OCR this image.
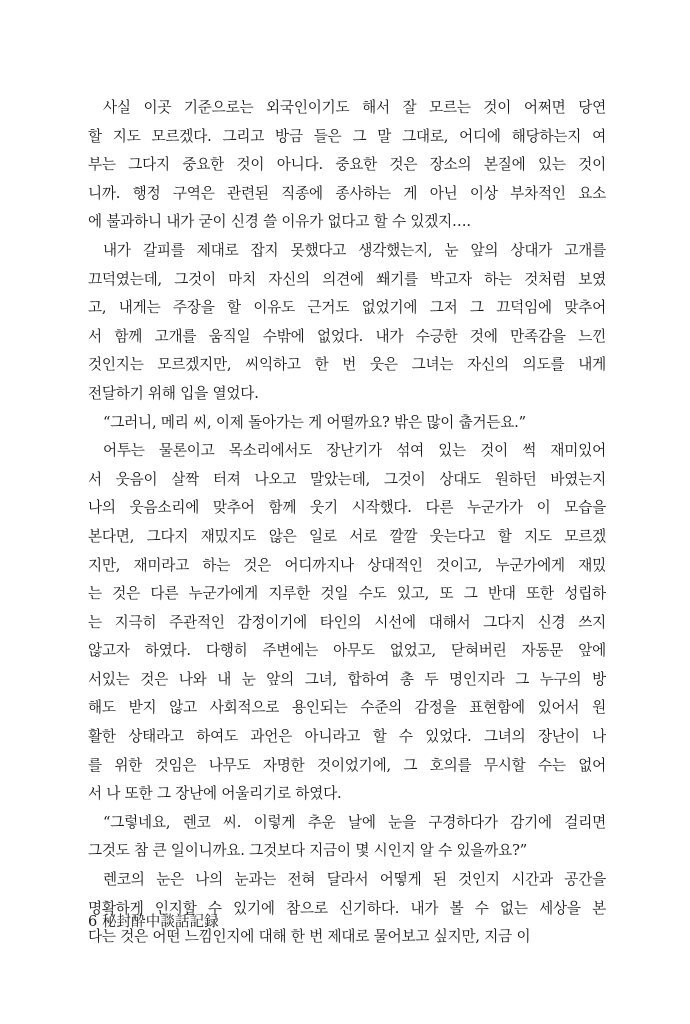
사실 이곳 기준으로는 외국인이기도 해서 잘 모르는 것이 어쩌면 당연
할 지도 모르겠다. 그리고 방금 들은 그 말 그대로, 어디에 해당하는지 여
부는 그다지 중요한 것이 아니다. 중요한 것은 장소의 본질에 있는 것이
니까. 행정 구역은 관련된 직종에 종사하는 게 아닌 이상 부차적인 요소
에 불과하니 내가 굳이 신경 쓸 이유가 없다고 할 수 있겠지….
내가 갈피를 제대로 잡지 못했다고 생각했는지, 눈 앞의 상대가 고개를
끄덕였는데, 그것이 마치 자신의 의견에 쐐기를 박고자 하는 것처럼 보였
고, 내게는 주장을 할 이유도 근거도 없었기에 그저 그 끄덕임에 맞추어
서 함께 고개를 움직일 수밖에 없었다. 내가 수긍한 것에 만족감을 느낀
것인지는 모르겠지만, 씨익하고 한 번 웃은 그녀는 자신의 의도를 내게
전달하기 위해 입을 열었다.
“그러니, 메리 씨, 이제 돌아가는 게 어떨까요? 밖은 많이 춥거든요.”
어투는 물론이고 목소리에서도 장난기가 섞여 있는 것이 썩 재미있어
서 웃음이 살짝 터져 나오고 말았는데, 그것이 상대도 원하던 바였는지
나의 웃음소리에 맞추어 함께 웃기 시작했다. 다른 누군가가 이 모습을
본다면, 그다지 재밌지도 않은 일로 서로 깔깔 웃는다고 할 지도 모르겠
지만, 재미라고 하는 것은 어디까지나 상대적인 것이고, 누군가에게 재밌
는 것은 다른 누군가에게 지루한 것일 수도 있고, 또 그 반대 또한 성립하
는 지극히 주관적인 감정이기에 타인의 시선에 대해서 그다지 신경 쓰지
않고자 하였다. 다행히 주변에는 아무도 없었고, 닫혀버린 자동문 앞에
서있는 것은 나와 내 눈 앞의 그녀, 합하여 총 두 명인지라 그 누구의 방
해도 받지 않고 사회적으로 용인되는 수준의 감정을 표현함에 있어서 원
활한 상태라고 하여도 과언은 아니라고 할 수 있었다. 그녀의 장난이 나
를 위한 것임은 나무도 자명한 것이었기에, 그 호의를 무시할 수는 없어
서 나 또한 그 장난에 어울리기로 하였다.
“그렇네요, 렌코 씨. 이렇게 추운 날에 눈을 구경하다가 감기에 걸리면
그것도 참 큰 일이니까요. 그것보다 지금이 몇 시인지 알 수 있을까요?”
렌코의 눈은 나의 눈과는 전혀 달라서 어떻게 된 것인지 시간과 공간을
명확하게 인지할 수 있기에 참으로 신기하다. 내가 볼 수 없는 세상을 본
다는 것은 어떤 느낌인지에 대해 한 번 제대로 물어보고 싶지만, 지금 이
6 秘封酔中談話記録
